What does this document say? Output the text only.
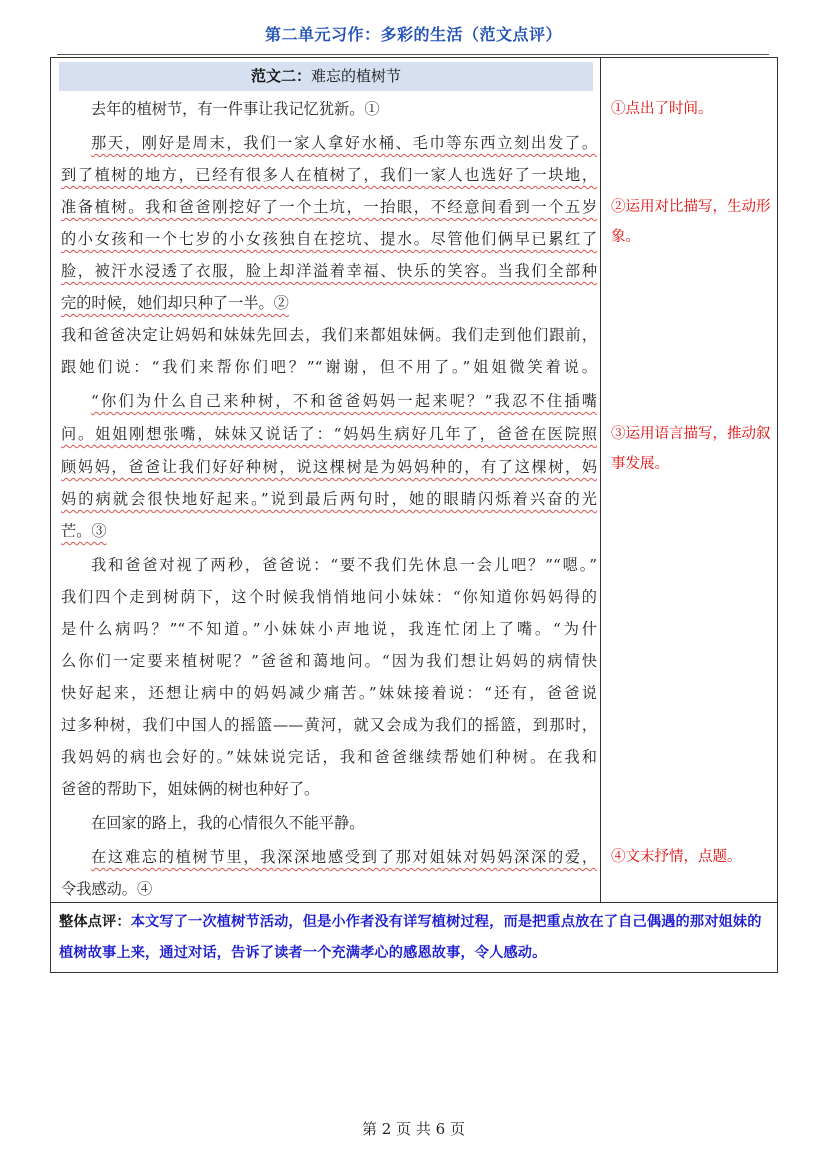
第二单元习作：多彩的生活（范文点评）
范文二：难忘的植树节
去年的植树节，有一件事让我记忆犹新。①
那天，刚好是周末，我们一家人拿好水桶、毛巾等东西立刻出发了。
到了植树的地方，已经有很多人在植树了，我们一家人也选好了一块地，
准备植树。我和爸爸刚挖好了一个土坑，一抬眼，不经意间看到一个五岁
的小女孩和一个七岁的小女孩独自在挖坑、提水。尽管他们俩早已累红了
脸，被汗水浸透了衣服，脸上却洋溢着幸福、快乐的笑容。当我们全部种
完的时候，她们却只种了一半。②
我和爸爸决定让妈妈和妹妹先回去，我们来都姐妹俩。我们走到他们跟前，
跟她们说：“我们来帮你们吧？”“谢谢，但不用了。”姐姐微笑着说。
“你们为什么自己来种树，不和爸爸妈妈一起来呢？”我忍不住插嘴
问。姐姐刚想张嘴，妹妹又说话了：“妈妈生病好几年了，爸爸在医院照
顾妈妈，爸爸让我们好好种树，说这棵树是为妈妈种的，有了这棵树，妈
妈的病就会很快地好起来。”说到最后两句时，她的眼睛闪烁着兴奋的光
芒。③
我和爸爸对视了两秒，爸爸说：“要不我们先休息一会儿吧？”“嗯。”
我们四个走到树荫下，这个时候我悄悄地问小妹妹：“你知道你妈妈得的
是什么病吗？”“不知道。”小妹妹小声地说，我连忙闭上了嘴。“为什
么你们一定要来植树呢？”爸爸和蔼地问。“因为我们想让妈妈的病情快
快好起来，还想让病中的妈妈减少痛苦。”妹妹接着说：“还有，爸爸说
过多种树，我们中国人的摇篮——黄河，就又会成为我们的摇篮，到那时，
我妈妈的病也会好的。”妹妹说完话，我和爸爸继续帮她们种树。在我和
爸爸的帮助下，姐妹俩的树也种好了。
在回家的路上，我的心情很久不能平静。
在这难忘的植树节里，我深深地感受到了那对姐妹对妈妈深深的爱，
令我感动。④
①点出了时间。
②运用对比描写，生动形象。
③运用语言描写，推动叙事发展。
④文末抒情，点题。
整体点评：本文写了一次植树节活动，但是小作者没有详写植树过程，而是把重点放在了自己偶遇的那对姐妹的植树故事上来，通过对话，告诉了读者一个充满孝心的感恩故事，令人感动。
第 2 页 共 6 页
